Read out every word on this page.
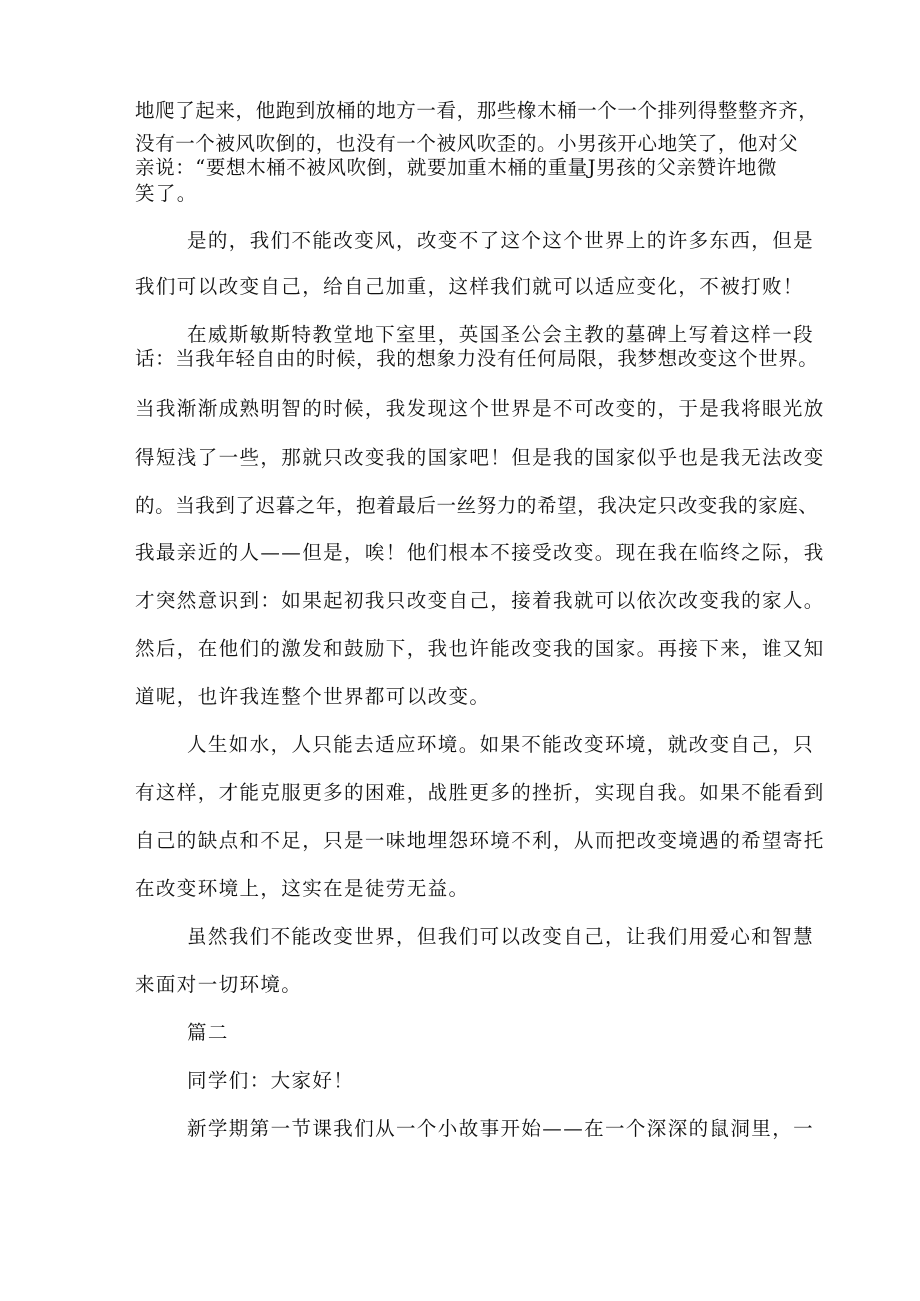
地爬了起来，他跑到放桶的地方一看，那些橡木桶一个一个排列得整整齐齐，
没有一个被风吹倒的，也没有一个被风吹歪的。小男孩开心地笑了，他对父
亲说：“要想木桶不被风吹倒，就要加重木桶的重量J男孩的父亲赞许地微
笑了。
是的，我们不能改变风，改变不了这个这个世界上的许多东西，但是
我们可以改变自己，给自己加重，这样我们就可以适应变化，不被打败！
在威斯敏斯特教堂地下室里，英国圣公会主教的墓碑上写着这样一段
话：当我年轻自由的时候，我的想象力没有任何局限，我梦想改变这个世界。
当我渐渐成熟明智的时候，我发现这个世界是不可改变的，于是我将眼光放
得短浅了一些，那就只改变我的国家吧！但是我的国家似乎也是我无法改变
的。当我到了迟暮之年，抱着最后一丝努力的希望，我决定只改变我的家庭、
我最亲近的人——但是，唉！他们根本不接受改变。现在我在临终之际，我
才突然意识到：如果起初我只改变自己，接着我就可以依次改变我的家人。
然后，在他们的激发和鼓励下，我也许能改变我的国家。再接下来，谁又知
道呢，也许我连整个世界都可以改变。
人生如水，人只能去适应环境。如果不能改变环境，就改变自己，只
有这样，才能克服更多的困难，战胜更多的挫折，实现自我。如果不能看到
自己的缺点和不足，只是一味地埋怨环境不利，从而把改变境遇的希望寄托
在改变环境上，这实在是徒劳无益。
虽然我们不能改变世界，但我们可以改变自己，让我们用爱心和智慧
来面对一切环境。
篇二
同学们：大家好！
新学期第一节课我们从一个小故事开始——在一个深深的鼠洞里，一
